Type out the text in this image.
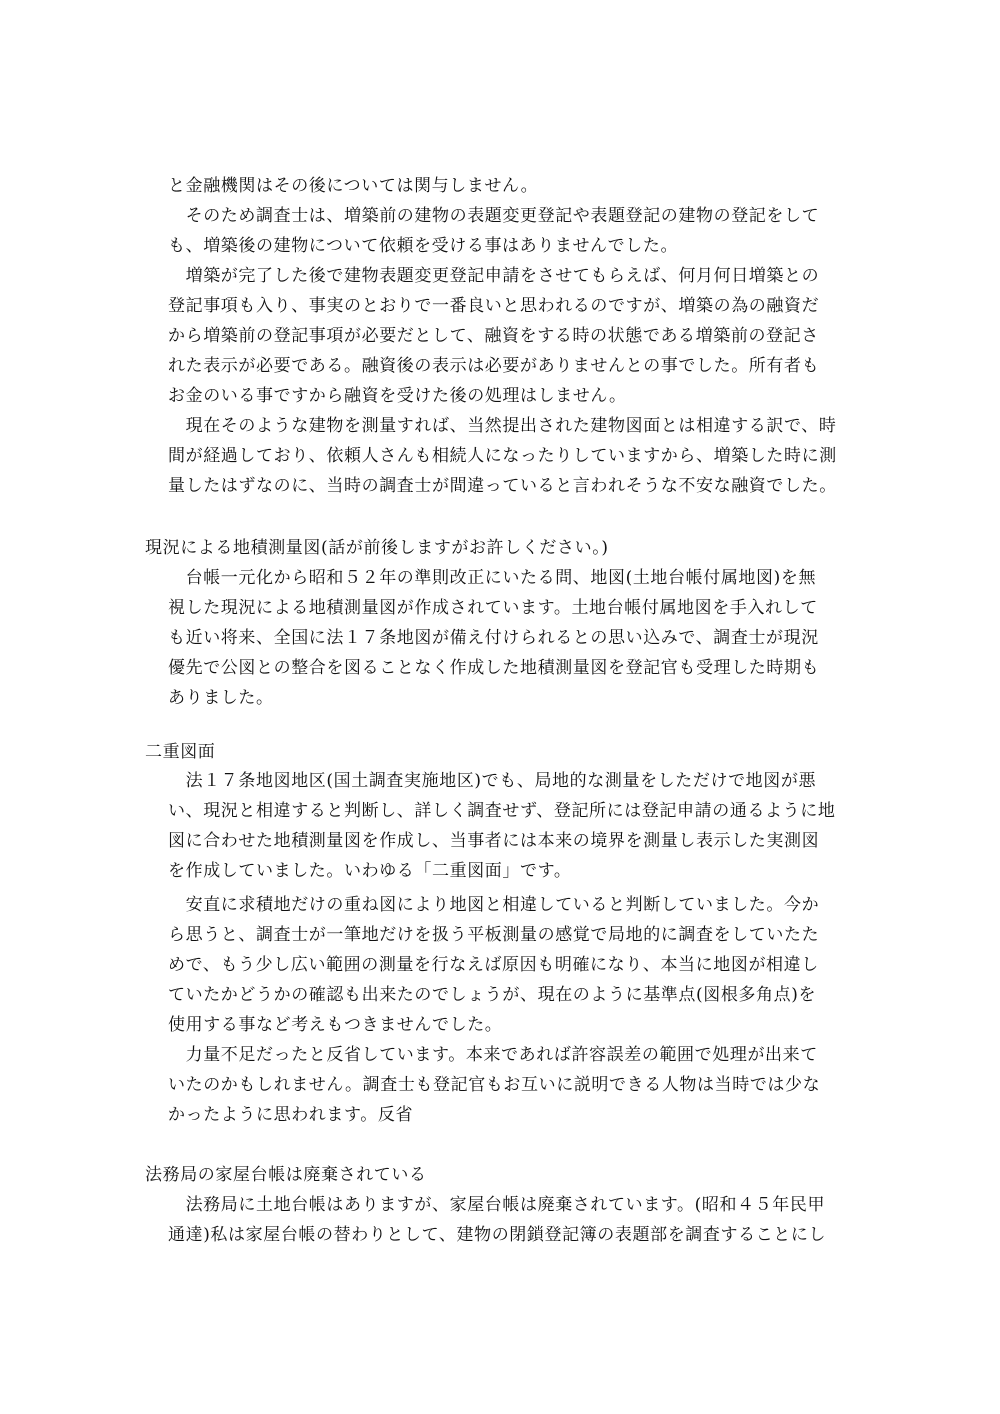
と金融機関はその後については関与しません。
　そのため調査士は、増築前の建物の表題変更登記や表題登記の建物の登記をして
も、増築後の建物について依頼を受ける事はありませんでした。
　増築が完了した後で建物表題変更登記申請をさせてもらえば、何月何日増築との
登記事項も入り、事実のとおりで一番良いと思われるのですが、増築の為の融資だ
から増築前の登記事項が必要だとして、融資をする時の状態である増築前の登記さ
れた表示が必要である。融資後の表示は必要がありませんとの事でした。所有者も
お金のいる事ですから融資を受けた後の処理はしません。
　現在そのような建物を測量すれば、当然提出された建物図面とは相違する訳で、時
間が経過しており、依頼人さんも相続人になったりしていますから、増築した時に測
量したはずなのに、当時の調査士が間違っていると言われそうな不安な融資でした。
現況による地積測量図(話が前後しますがお許しください。)
　台帳一元化から昭和５２年の準則改正にいたる問、地図(土地台帳付属地図)を無
視した現況による地積測量図が作成されています。土地台帳付属地図を手入れして
も近い将来、全国に法１７条地図が備え付けられるとの思い込みで、調査士が現況
優先で公図との整合を図ることなく作成した地積測量図を登記官も受理した時期も
ありました。
二重図面
　法１７条地図地区(国土調査実施地区)でも、局地的な測量をしただけで地図が悪
い、現況と相違すると判断し、詳しく調査せず、登記所には登記申請の通るように地
図に合わせた地積測量図を作成し、当事者には本来の境界を測量し表示した実測図
を作成していました。いわゆる「二重図面」です。
　安直に求積地だけの重ね図により地図と相違していると判断していました。今か
ら思うと、調査士が一筆地だけを扱う平板測量の感覚で局地的に調査をしていたた
めで、もう少し広い範囲の測量を行なえば原因も明確になり、本当に地図が相違し
ていたかどうかの確認も出来たのでしょうが、現在のように基準点(図根多角点)を
使用する事など考えもつきませんでした。
　力量不足だったと反省しています。本来であれば許容誤差の範囲で処理が出来て
いたのかもしれません。調査士も登記官もお互いに説明できる人物は当時では少な
かったように思われます。反省
法務局の家屋台帳は廃棄されている
　法務局に土地台帳はありますが、家屋台帳は廃棄されています。(昭和４５年民甲
通達)私は家屋台帳の替わりとして、建物の閉鎖登記簿の表題部を調査することにし
